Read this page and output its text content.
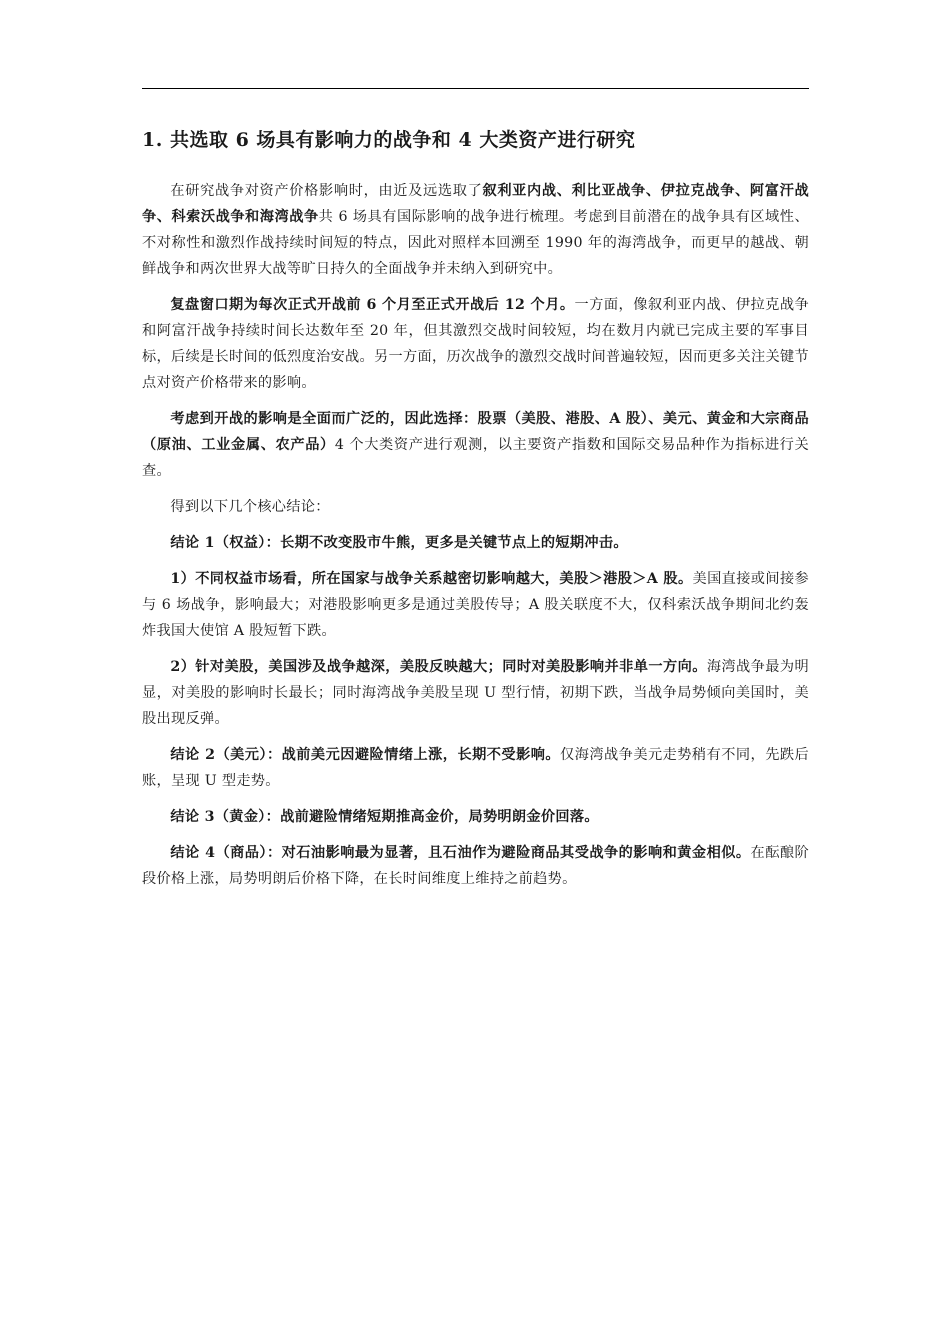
1. 共选取 6 场具有影响力的战争和 4 大类资产进行研究

在研究战争对资产价格影响时，由近及远选取了叙利亚内战、利比亚战争、伊拉克战争、阿富汗战争、科索沃战争和海湾战争共 6 场具有国际影响的战争进行梳理。考虑到目前潜在的战争具有区域性、不对称性和激烈作战持续时间短的特点，因此对照样本回溯至 1990 年的海湾战争，而更早的越战、朝鲜战争和两次世界大战等旷日持久的全面战争并未纳入到研究中。

复盘窗口期为每次正式开战前 6 个月至正式开战后 12 个月。一方面，像叙利亚内战、伊拉克战争和阿富汗战争持续时间长达数年至 20 年，但其激烈交战时间较短，均在数月内就已完成主要的军事目标，后续是长时间的低烈度治安战。另一方面，历次战争的激烈交战时间普遍较短，因而更多关注关键节点对资产价格带来的影响。

考虑到开战的影响是全面而广泛的，因此选择：股票（美股、港股、A 股）、美元、黄金和大宗商品（原油、工业金属、农产品）4 个大类资产进行观测，以主要资产指数和国际交易品种作为指标进行关查。

得到以下几个核心结论：

结论 1（权益）：长期不改变股市牛熊，更多是关键节点上的短期冲击。

1）不同权益市场看，所在国家与战争关系越密切影响越大，美股＞港股＞A 股。美国直接或间接参与 6 场战争，影响最大；对港股影响更多是通过美股传导；A 股关联度不大，仅科索沃战争期间北约轰炸我国大使馆 A 股短暂下跌。

2）针对美股，美国涉及战争越深，美股反映越大；同时对美股影响并非单一方向。海湾战争最为明显，对美股的影响时长最长；同时海湾战争美股呈现 U 型行情，初期下跌，当战争局势倾向美国时，美股出现反弹。

结论 2（美元）：战前美元因避险情绪上涨，长期不受影响。仅海湾战争美元走势稍有不同，先跌后账，呈现 U 型走势。

结论 3（黄金）：战前避险情绪短期推高金价，局势明朗金价回落。

结论 4（商品）：对石油影响最为显著，且石油作为避险商品其受战争的影响和黄金相似。在酝酿阶段价格上涨，局势明朗后价格下降，在长时间维度上维持之前趋势。
